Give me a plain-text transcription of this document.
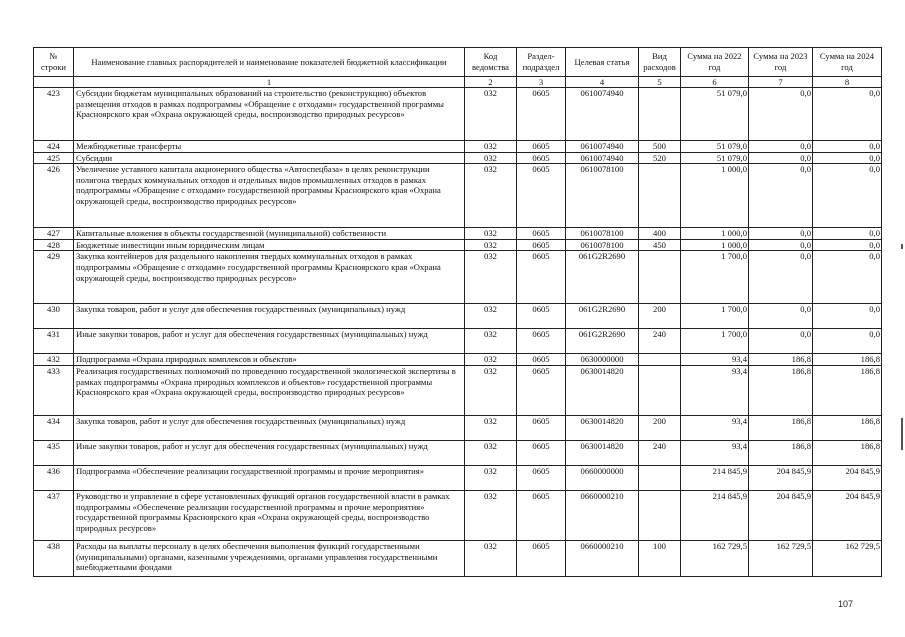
№ строки	Наименование главных распорядителей и наименование показателей бюджетной классификации	Код ведомства	Раздел-подраздел	Целевая статья	Вид расходов	Сумма на 2022 год	Сумма на 2023 год	Сумма на 2024 год
	1	2	3	4	5	6	7	8
423	Субсидии бюджетам муниципальных образований на строительство (реконструкцию) объектов размещения отходов в рамках подпрограммы «Обращение с отходами» государственной программы Красноярского края «Охрана окружающей среды, воспроизводство природных ресурсов»	032	0605	0610074940		51 079,0	0,0	0,0
424	Межбюджетные трансферты	032	0605	0610074940	500	51 079,0	0,0	0,0
425	Субсидии	032	0605	0610074940	520	51 079,0	0,0	0,0
426	Увеличение уставного капитала акционерного общества «Автоспецбаза» в целях реконструкции полигона твердых коммунальных отходов и отдельных видов промышленных отходов в рамках подпрограммы «Обращение с отходами» государственной программы Красноярского края «Охрана окружающей среды, воспроизводство природных ресурсов»	032	0605	0610078100		1 000,0	0,0	0,0
427	Капитальные вложения в объекты государственной (муниципальной) собственности	032	0605	0610078100	400	1 000,0	0,0	0,0
428	Бюджетные инвестиции иным юридическим лицам	032	0605	0610078100	450	1 000,0	0,0	0,0
429	Закупка контейнеров для раздельного накопления твердых коммунальных отходов в рамках подпрограммы «Обращение с отходами» государственной программы Красноярского края «Охрана окружающей среды, воспроизводство природных ресурсов»	032	0605	061G2R2690		1 700,0	0,0	0,0
430	Закупка товаров, работ и услуг для обеспечения государственных (муниципальных) нужд	032	0605	061G2R2690	200	1 700,0	0,0	0,0
431	Иные закупки товаров, работ и услуг для обеспечения государственных (муниципальных) нужд	032	0605	061G2R2690	240	1 700,0	0,0	0,0
432	Подпрограмма «Охрана природных комплексов и объектов»	032	0605	0630000000		93,4	186,8	186,8
433	Реализация государственных полномочий по проведению государственной экологической экспертизы в рамках подпрограммы «Охрана природных комплексов и объектов» государственной программы Красноярского края «Охрана окружающей среды, воспроизводство природных ресурсов»	032	0605	0630014820		93,4	186,8	186,8
434	Закупка товаров, работ и услуг для обеспечения государственных (муниципальных) нужд	032	0605	0630014820	200	93,4	186,8	186,8
435	Иные закупки товаров, работ и услуг для обеспечения государственных (муниципальных) нужд	032	0605	0630014820	240	93,4	186,8	186,8
436	Подпрограмма «Обеспечение реализации государственной программы и прочие мероприятия»	032	0605	0660000000		214 845,9	204 845,9	204 845,9
437	Руководство и управление в сфере установленных функций органов государственной власти в рамках подпрограммы «Обеспечение реализации государственной программы и прочие мероприятия» государственной программы Красноярского края «Охрана окружающей среды, воспроизводство природных ресурсов»	032	0605	0660000210		214 845,9	204 845,9	204 845,9
438	Расходы на выплаты персоналу в целях обеспечения выполнения функций государственными (муниципальными) органами, казенными учреждениями, органами управления государственными внебюджетными фондами	032	0605	0660000210	100	162 729,5	162 729,5	162 729,5
107
